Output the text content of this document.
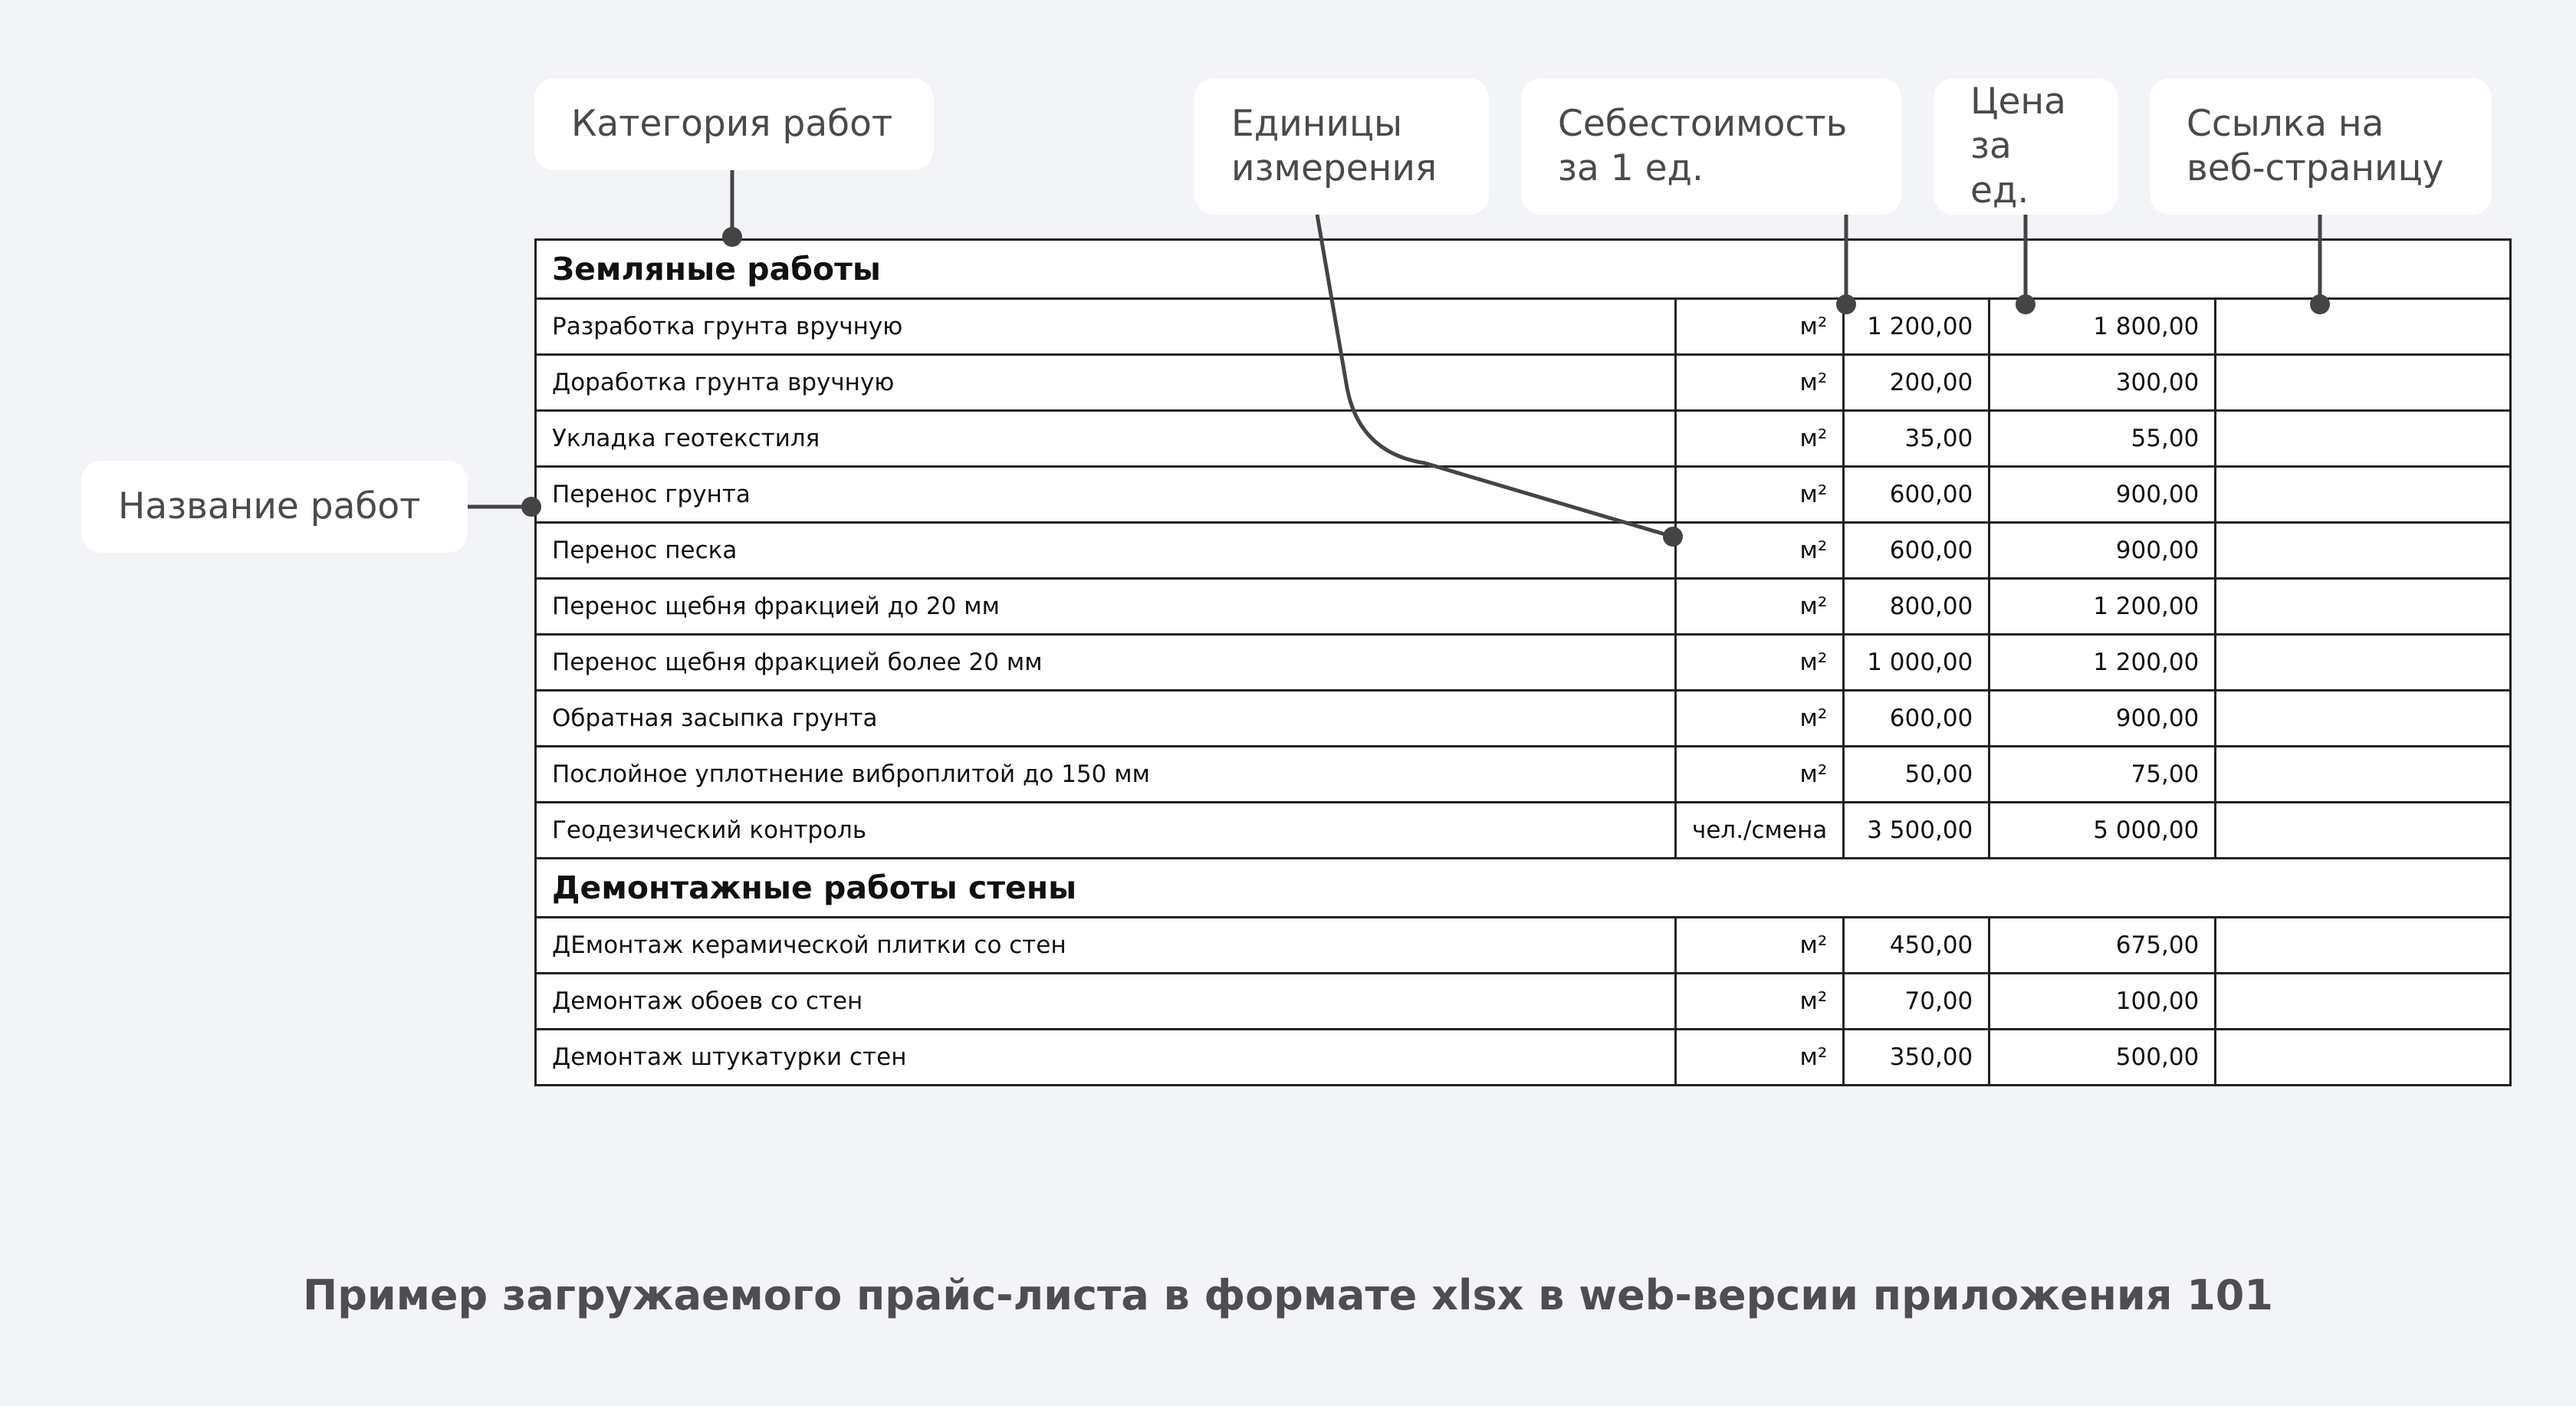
Категория работ	Единицы
измерения
Себестоимость
за 1 ед.
Цена
за ед.
Ссылка на
веб-страницу
Название работ
Земляные работы				
Разработка грунта вручную	м²	1 200,00	1 800,00	
Доработка грунта вручную	м²	200,00	300,00	
Укладка геотекстиля	м²	35,00	55,00	
Перенос грунта	м²	600,00	900,00	
Перенос песка	м²	600,00	900,00	
Перенос щебня фракцией до 20 мм	м²	800,00	1 200,00	
Перенос щебня фракцией более 20 мм	м²	1 000,00	1 200,00	
Обратная засыпка грунта	м²	600,00	900,00	
Послойное уплотнение виброплитой до 150 мм	м²	50,00	75,00	
Геодезический контроль	чел./смена	3 500,00	5 000,00	
Демонтажные работы стены				
ДЕмонтаж керамической плитки со стен	м²	450,00	675,00	
Демонтаж обоев со стен	м²	70,00	100,00	
Демонтаж штукатурки стен	м²	350,00	500,00	
Пример загружаемого прайс-листа в формате xlsx в web-версии приложения 101
